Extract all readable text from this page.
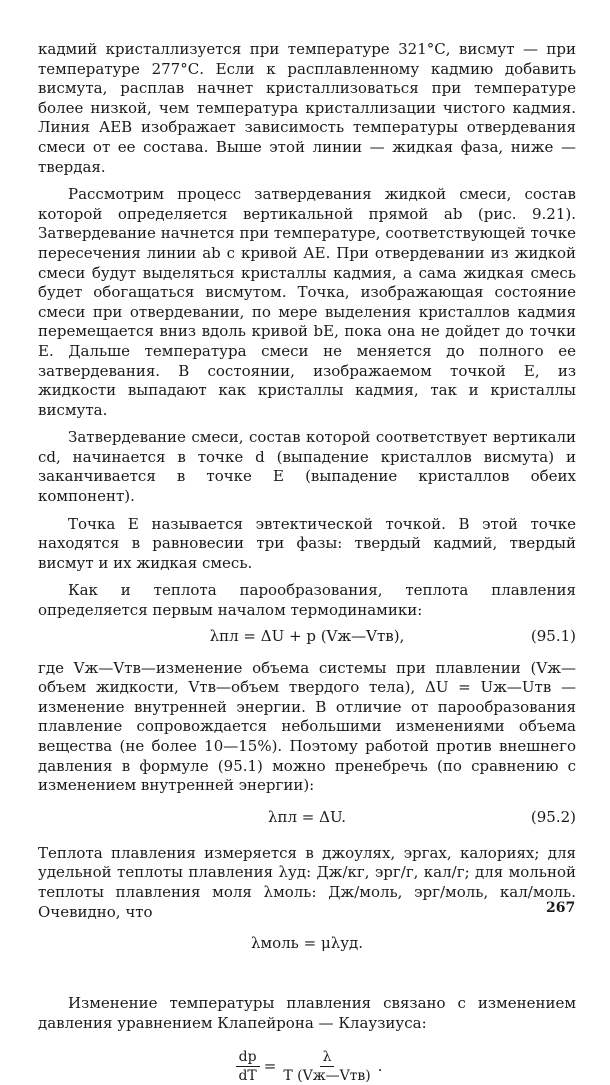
кадмий кристаллизуется при температуре 321°С, висмут — при температуре 277°С. Если к расплавленному кадмию добавить висмута, расплав начнет кристаллизоваться при температуре более низкой, чем температура кристаллизации чистого кадмия. Линия АЕВ изображает зависимость температуры отвердевания смеси от ее состава. Выше этой линии — жидкая фаза, ниже — твердая.

Рассмотрим процесс затвердевания жидкой смеси, состав которой определяется вертикальной прямой ab (рис. 9.21). Затвердевание начнется при температуре, соответствующей точке пересечения линии ab с кривой АЕ. При отвердевании из жидкой смеси будут выделяться кристаллы кадмия, а сама жидкая смесь будет обогащаться висмутом. Точка, изображающая состояние смеси при отвердевании, по мере выделения кристаллов кадмия перемещается вниз вдоль кривой bЕ, пока она не дойдет до точки Е. Дальше температура смеси не меняется до полного ее затвердевания. В состоянии, изображаемом точкой Е, из жидкости выпадают как кристаллы кадмия, так и кристаллы висмута.

Затвердевание смеси, состав которой соответствует вертикали cd, начинается в точке d (выпадение кристаллов висмута) и заканчивается в точке Е (выпадение кристаллов обеих компонент).

Точка Е называется эвтектической точкой. В этой точке находятся в равновесии три фазы: твердый кадмий, твердый висмут и их жидкая смесь.

Как и теплота парообразования, теплота плавления определяется первым началом термодинамики:

λпл = ΔU + p (Vж—Vтв),	(95.1)

где Vж—Vтв—изменение объема системы при плавлении (Vж—объем жидкости, Vтв—объем твердого тела), ΔU = Uж—Uтв — изменение внутренней энергии. В отличие от парообразования плавление сопровождается небольшими изменениями объема вещества (не более 10—15%). Поэтому работой против внешнего давления в формуле (95.1) можно пренебречь (по сравнению с изменением внутренней энергии):

λпл = ΔU.	(95.2)

Теплота плавления измеряется в джоулях, эргах, калориях; для удельной теплоты плавления λуд: Дж/кг, эрг/г, кал/г; для мольной теплоты плавления моля λмоль: Дж/моль, эрг/моль, кал/моль. Очевидно, что

λмоль = μλуд.

Изменение температуры плавления связано с изменением давления уравнением Клапейрона — Клаузиуса:

$\frac{dp}{dT}$ =	λ
T (Vж—Vтв)
.
267
